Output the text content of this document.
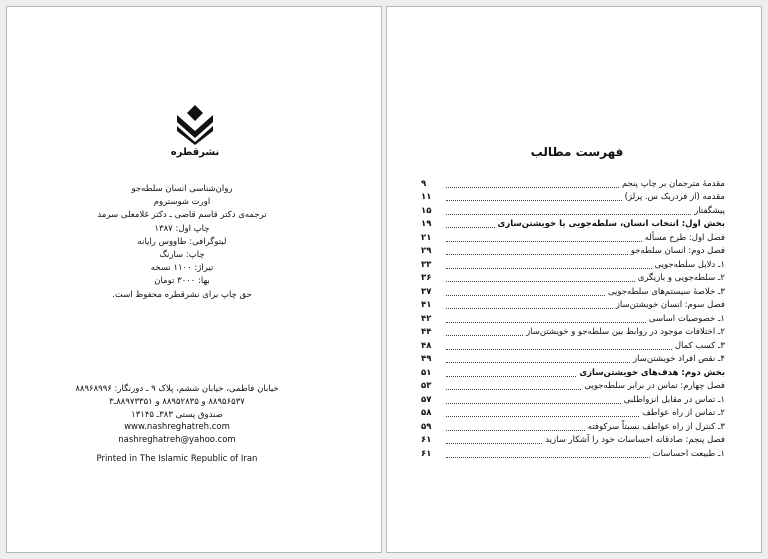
نشرقطره
روان‌شناسی انسان سلطه‌جو
اورت شوستروم
ترجمه‌ی دکتر قاسم قاضی ـ دکتر غلامعلی سرمد
چاپ اول: ۱۳۸۷
لیتوگرافی: طاووس رایانه
چاپ: سارنگ
تیراژ: ۱۱۰۰ نسخه
بها: ۳۰۰۰ تومان
حق چاپ برای نشرقطره محفوظ است.
خیابان فاطمی، خیابان ششم، پلاک ۹ ـ دورنگار: ۸۸۹۶۸۹۹۶
۸۸۹۵۶۵۳۷ و ۸۸۹۵۲۸۳۵ و ۸۸۹۷۳۳۵۱ـ۳
صندوق پستی ۳۸۳ـ ۱۳۱۴۵
www.nashreghatreh.com
nashreghatreh@yahoo.com
Printed in The Islamic Republic of Iran
فهرست مطالب
مقدمهٔ مترجمان بر چاپ پنجم
۹
مقدمه (از فردریک س. پرلز)
۱۱
پیشگفتار
۱۵
بخش اول: انتخاب انسان، سلطه‌جویی یا خویشتن‌سازی
۱۹
فصل اول: طرح مسأله
۲۱
فصل دوم: انسان سلطه‌جو
۲۹
۱ـ دلایل سلطه‌جویی
۳۳
۲ـ سلطه‌جویی و بازیگری
۳۶
۳ـ خلاصهٔ سیستم‌های سلطه‌جویی
۳۷
فصل سوم: انسان خویشتن‌ساز
۴۱
۱ـ خصوصیات اساسی
۴۲
۲ـ اختلافات موجود در روابط بین سلطه‌جو و خویشتن‌ساز
۴۴
۳ـ کسب کمال
۴۸
۴ـ نقص افراد خویشتن‌ساز
۴۹
بخش دوم: هدف‌های خویشتن‌سازی
۵۱
فصل چهارم: تماس در برابر سلطه‌جویی
۵۳
۱ـ تماس در مقابل انزواطلبی
۵۷
۲ـ تماس از راه عواطف
۵۸
۳ـ کنترل از راه عواطف نسبتاً سرکوفته
۵۹
فصل پنجم: صادقانه احساسات خود را آشکار سازید
۶۱
۱ـ طبیعت احساسات
۶۱
